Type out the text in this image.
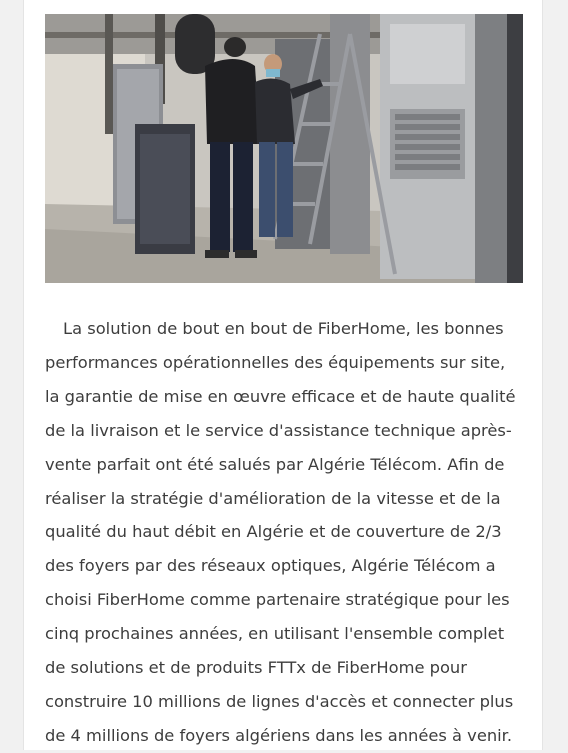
La solution de bout en bout de FiberHome, les bonnes
performances opérationnelles des équipements sur site,
la garantie de mise en œuvre efficace et de haute qualité
de la livraison et le service d'assistance technique après-
vente parfait ont été salués par Algérie Télécom. Afin de
réaliser la stratégie d'amélioration de la vitesse et de la
qualité du haut débit en Algérie et de couverture de 2/3
des foyers par des réseaux optiques, Algérie Télécom a
choisi FiberHome comme partenaire stratégique pour les
cinq prochaines années, en utilisant l'ensemble complet
de solutions et de produits FTTx de FiberHome pour
construire 10 millions de lignes d'accès et connecter plus
de 4 millions de foyers algériens dans les années à venir.
